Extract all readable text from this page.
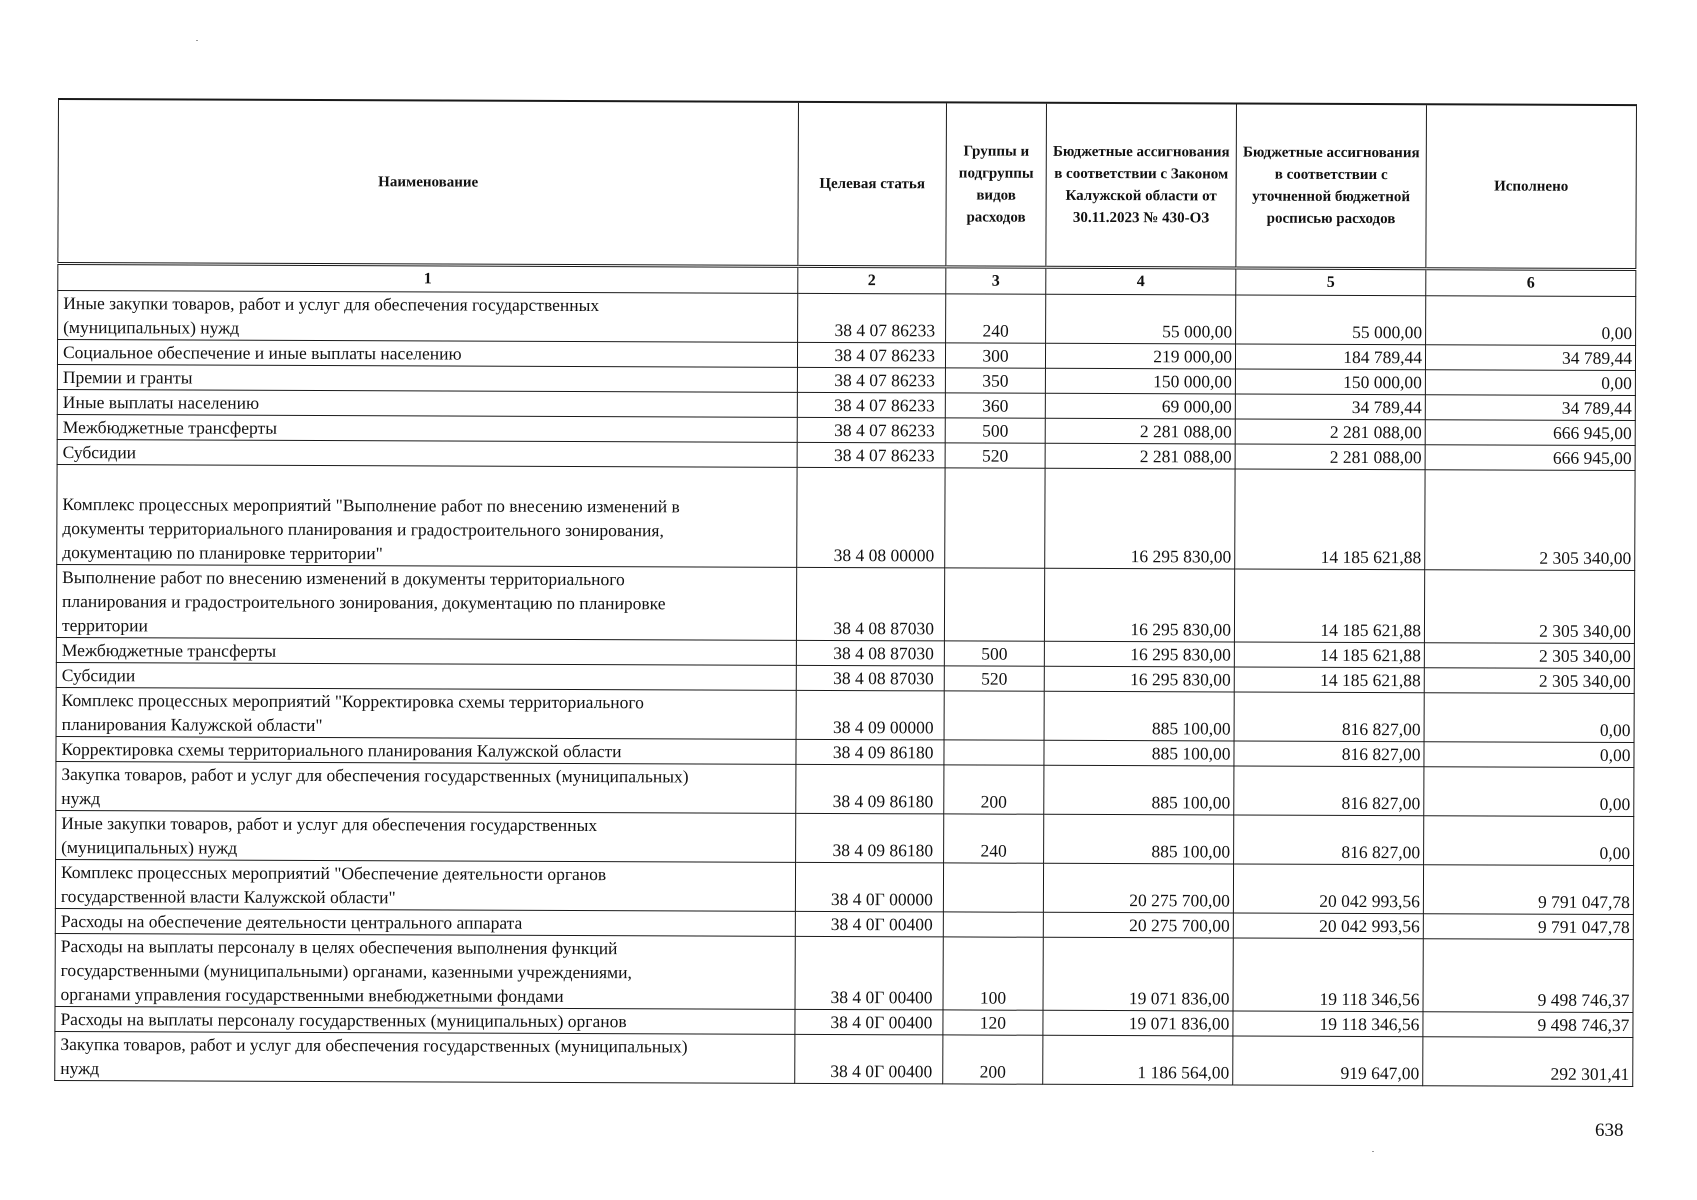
Наименование	Целевая статья	Группы и подгруппы видов расходов	Бюджетные ассигнования в соответствии с Законом Калужской области от 30.11.2023 № 430-ОЗ	Бюджетные ассигнования в соответствии с уточненной бюджетной росписью расходов	Исполнено
1	2	3	4	5	6

Иные закупки товаров, работ и услуг для обеспечения государственных
(муниципальных) нужд	38 4 07 86233	240	55 000,00	55 000,00	0,00

Социальное обеспечение и иные выплаты населению	38 4 07 86233	300	219 000,00	184 789,44	34 789,44

Премии и гранты	38 4 07 86233	350	150 000,00	150 000,00	0,00

Иные выплаты населению	38 4 07 86233	360	69 000,00	34 789,44	34 789,44

Межбюджетные трансферты	38 4 07 86233	500	2 281 088,00	2 281 088,00	666 945,00

Субсидии	38 4 07 86233	520	2 281 088,00	2 281 088,00	666 945,00

Комплекс процессных мероприятий "Выполнение работ по внесению изменений в
документы территориального планирования и градостроительного зонирования,
документацию по планировке территории"	38 4 08 00000		16 295 830,00	14 185 621,88	2 305 340,00

Выполнение работ по внесению изменений в документы территориального
планирования и градостроительного зонирования, документацию по планировке
территории	38 4 08 87030		16 295 830,00	14 185 621,88	2 305 340,00

Межбюджетные трансферты	38 4 08 87030	500	16 295 830,00	14 185 621,88	2 305 340,00

Субсидии	38 4 08 87030	520	16 295 830,00	14 185 621,88	2 305 340,00

Комплекс процессных мероприятий "Корректировка схемы территориального
планирования Калужской области"	38 4 09 00000		885 100,00	816 827,00	0,00

Корректировка схемы территориального планирования Калужской области	38 4 09 86180		885 100,00	816 827,00	0,00

Закупка товаров, работ и услуг для обеспечения государственных (муниципальных)
нужд	38 4 09 86180	200	885 100,00	816 827,00	0,00

Иные закупки товаров, работ и услуг для обеспечения государственных
(муниципальных) нужд	38 4 09 86180	240	885 100,00	816 827,00	0,00

Комплекс процессных мероприятий "Обеспечение деятельности органов
государственной власти Калужской области"	38 4 0Г 00000		20 275 700,00	20 042 993,56	9 791 047,78

Расходы на обеспечение деятельности центрального аппарата	38 4 0Г 00400		20 275 700,00	20 042 993,56	9 791 047,78

Расходы на выплаты персоналу в целях обеспечения выполнения функций
государственными (муниципальными) органами, казенными учреждениями,
органами управления государственными внебюджетными фондами	38 4 0Г 00400	100	19 071 836,00	19 118 346,56	9 498 746,37

Расходы на выплаты персоналу государственных (муниципальных) органов	38 4 0Г 00400	120	19 071 836,00	19 118 346,56	9 498 746,37

Закупка товаров, работ и услуг для обеспечения государственных (муниципальных)
нужд	38 4 0Г 00400	200	1 186 564,00	919 647,00	292 301,41
638
